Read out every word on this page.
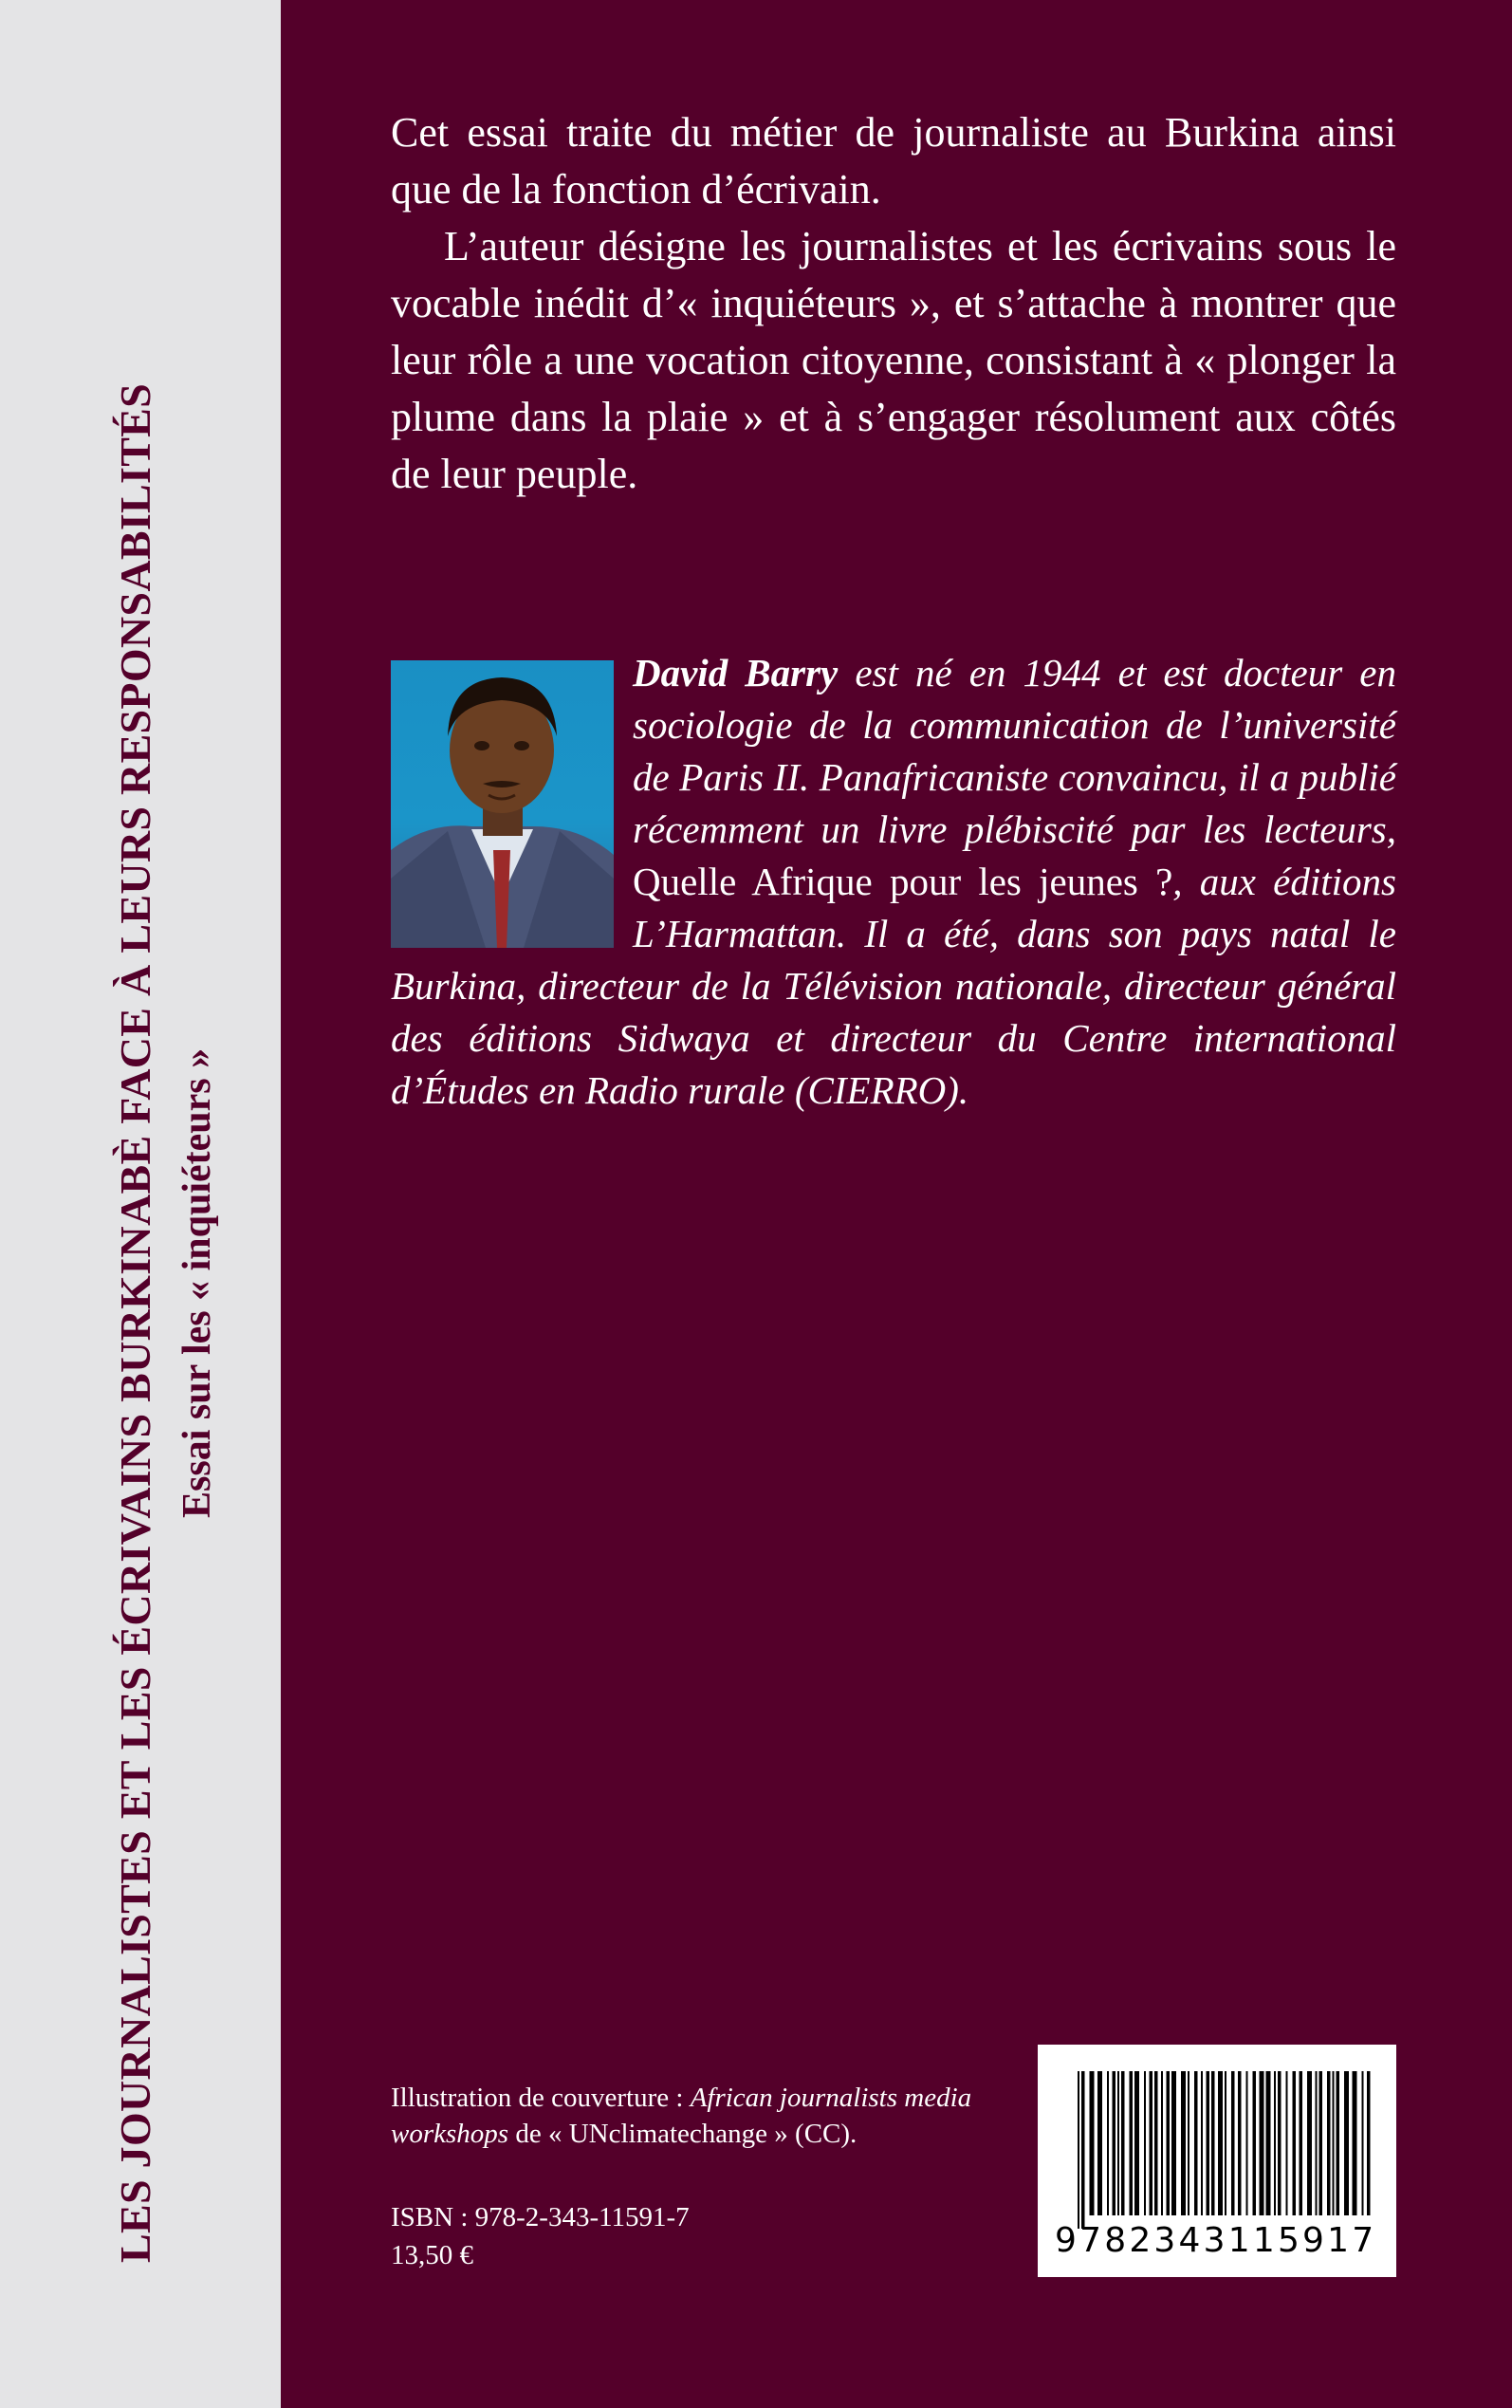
LES JOURNALISTES ET LES ÉCRIVAINS BURKINABÈ FACE À LEURS RESPONSABILITÉS Essai sur les « inquiéteurs »

Cet essai traite du métier de journaliste au Burkina ainsi que de la fonction d’écrivain.

L’auteur désigne les journalistes et les écrivains sous le vocable inédit d’« inquiéteurs », et s’attache à montrer que leur rôle a une vocation citoyenne, consistant à « plonger la plume dans la plaie » et à s’engager résolument aux côtés de leur peuple.

David Barry est né en 1944 et est docteur en sociologie de la communication de l’université de Paris II. Panafricaniste convaincu, il a publié récemment un livre plébiscité par les lecteurs, Quelle Afrique pour les jeunes ?, aux éditions L’Harmattan. Il a été, dans son pays natal le Burkina, directeur de la Télévision nationale, directeur général des éditions Sidwaya et directeur du Centre international d’Études en Radio rurale (CIERRO).
Illustration de couverture : African journalists media workshops de « UNclimatechange » (CC).
ISBN : 978-2-343-11591-7
13,50 €	9782343115917
